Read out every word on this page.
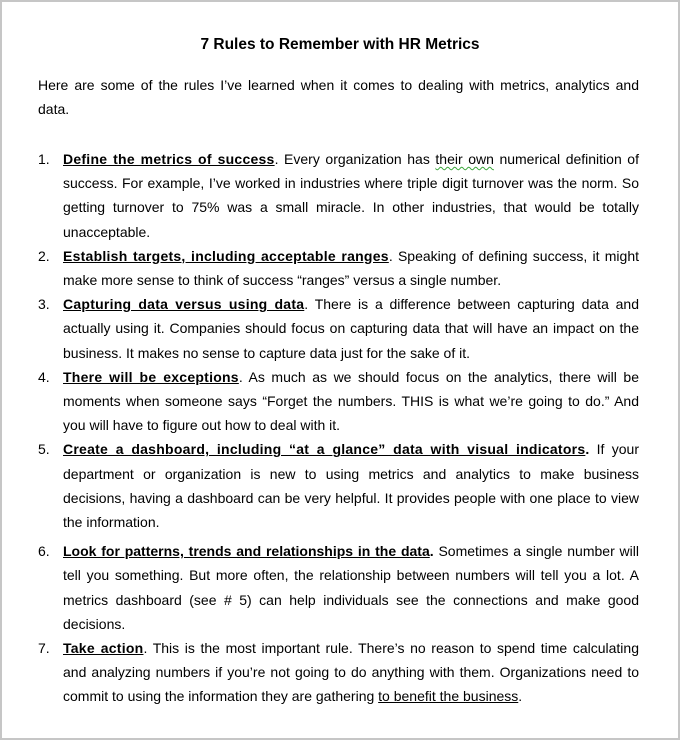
7 Rules to Remember with HR Metrics

Here are some of the rules I’ve learned when it comes to dealing with metrics, analytics and data.

1. Define the metrics of success. Every organization has their own numerical definition of success. For example, I’ve worked in industries where triple digit turnover was the norm. So getting turnover to 75% was a small miracle. In other industries, that would be totally unacceptable.
2. Establish targets, including acceptable ranges. Speaking of defining success, it might make more sense to think of success “ranges” versus a single number.
3. Capturing data versus using data. There is a difference between capturing data and actually using it. Companies should focus on capturing data that will have an impact on the business. It makes no sense to capture data just for the sake of it.
4. There will be exceptions. As much as we should focus on the analytics, there will be moments when someone says “Forget the numbers. THIS is what we’re going to do.” And you will have to figure out how to deal with it.
5. Create a dashboard, including “at a glance” data with visual indicators. If your department or organization is new to using metrics and analytics to make business decisions, having a dashboard can be very helpful. It provides people with one place to view the information.
6. Look for patterns, trends and relationships in the data. Sometimes a single number will tell you something. But more often, the relationship between numbers will tell you a lot. A metrics dashboard (see # 5) can help individuals see the connections and make good decisions.
7. Take action. This is the most important rule. There’s no reason to spend time calculating and analyzing numbers if you’re not going to do anything with them. Organizations need to commit to using the information they are gathering to benefit the business.
